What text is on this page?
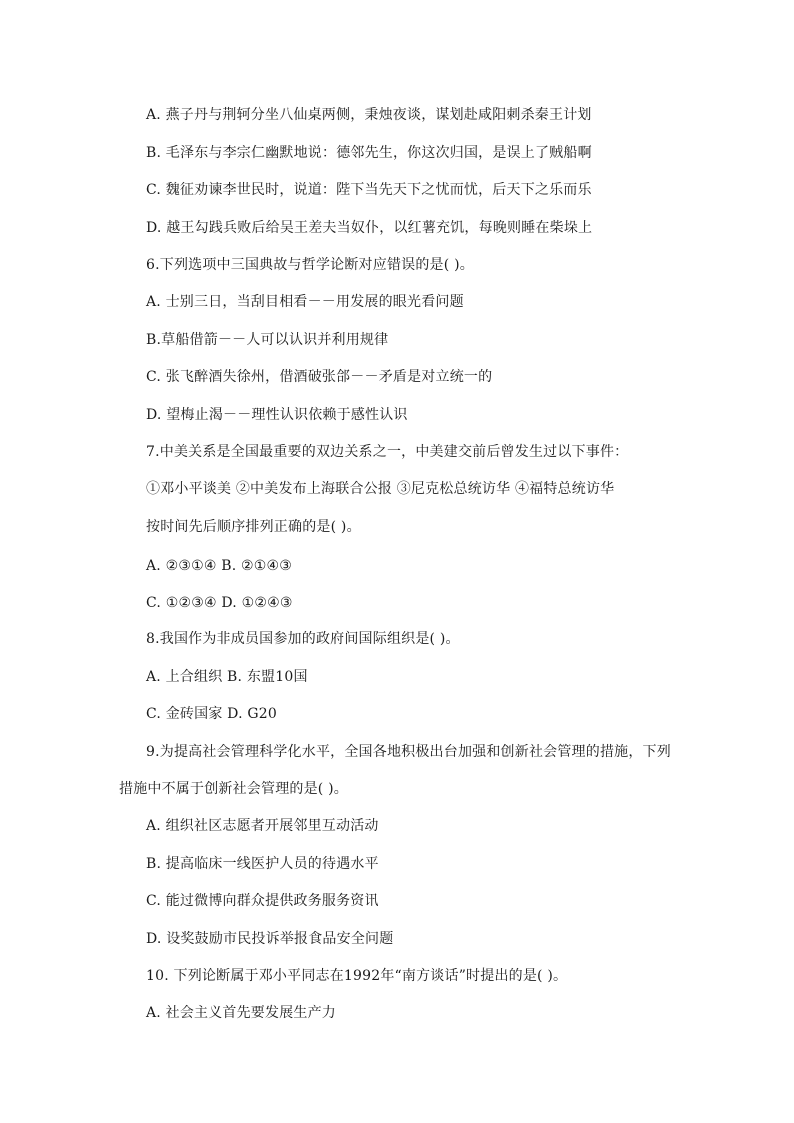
A. 燕子丹与荆轲分坐八仙桌两侧，秉烛夜谈，谋划赴咸阳刺杀秦王计划
B. 毛泽东与李宗仁幽默地说：德邻先生，你这次归国，是误上了贼船啊
C. 魏征劝谏李世民时，说道：陛下当先天下之忧而忧，后天下之乐而乐
D. 越王勾践兵败后给吴王差夫当奴仆，以红薯充饥，每晚则睡在柴垛上
6.下列选项中三国典故与哲学论断对应错误的是( )。
A. 士别三日，当刮目相看－－用发展的眼光看问题
B.草船借箭－－人可以认识并利用规律
C. 张飞醉酒失徐州，借酒破张郃－－矛盾是对立统一的
D. 望梅止渴－－理性认识依赖于感性认识
7.中美关系是全国最重要的双边关系之一，中美建交前后曾发生过以下事件：
①邓小平谈美 ②中美发布上海联合公报 ③尼克松总统访华 ④福特总统访华
按时间先后顺序排列正确的是( )。
A. ②③①④ B. ②①④③
C. ①②③④ D. ①②④③
8.我国作为非成员国参加的政府间国际组织是( )。
A. 上合组织 B. 东盟10国
C. 金砖国家 D. G20
9.为提高社会管理科学化水平，全国各地积极出台加强和创新社会管理的措施，下列
措施中不属于创新社会管理的是( )。
A. 组织社区志愿者开展邻里互动活动
B. 提高临床一线医护人员的待遇水平
C. 能过微博向群众提供政务服务资讯
D. 设奖鼓励市民投诉举报食品安全问题
10. 下列论断属于邓小平同志在1992年“南方谈话”时提出的是( )。
A. 社会主义首先要发展生产力
